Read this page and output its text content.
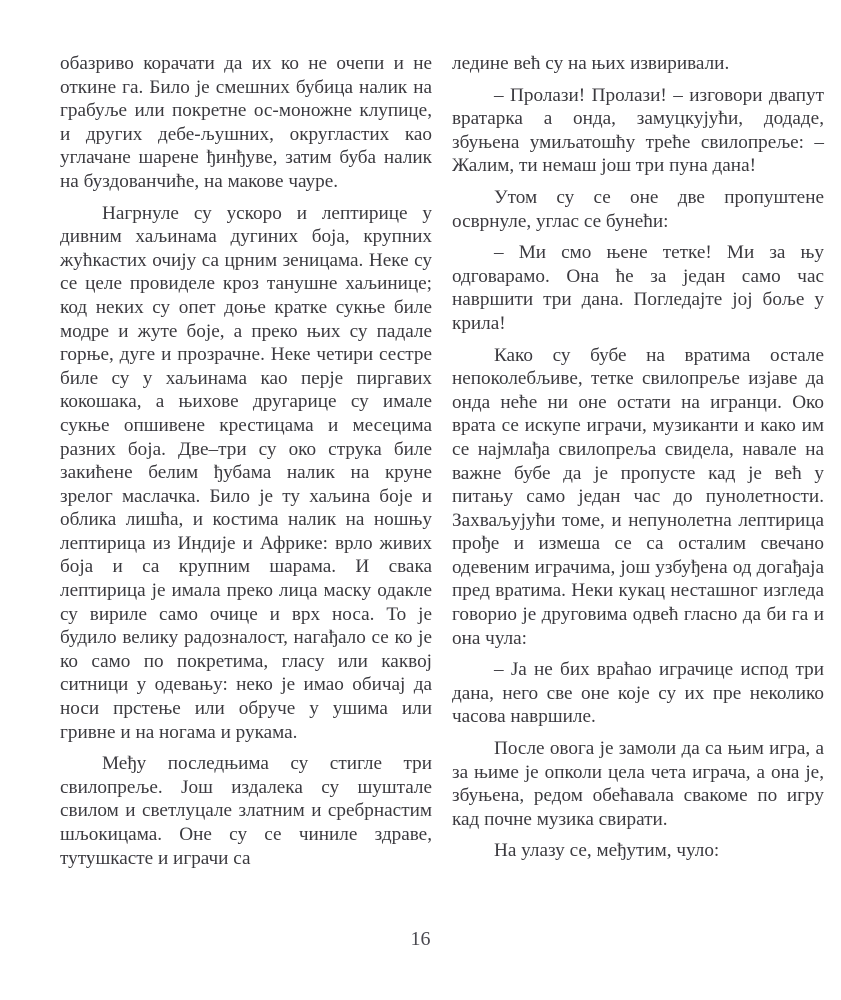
обазриво корачати да их ко не очепи и не откине га. Било је смешних бубица налик на грабуље или покретне ос-моножне клупице, и других дебе-љушних, округластих као углачане шарене ђинђуве, затим буба налик на буздованчиће, на макове чауре.

Нагрнуле су ускоро и лептирице у дивним хаљинама дугиних боја, крупних жућкастих очију са црним зеницама. Неке су се целе провиделе кроз танушне хаљинице; код неких су опет доње кратке сукње биле модре и жуте боје, а преко њих су падале горње, дуге и прозрачне. Неке четири сестре биле су у хаљинама као перје пиргавих кокошака, а њихове другарице су имале сукње опшивене крестицама и месецима разних боја. Две–три су око струка биле закићене белим ђубама налик на круне зрелог маслачка. Било је ту хаљина боје и облика лишћа, и костима налик на ношњу лептирица из Индије и Африке: врло живих боја и са крупним шарама. И свака лептирица је имала преко лица маску одакле су вириле само очице и врх носа. То је будило велику радозналост, нагађало се ко је ко само по покретима, гласу или каквој ситници у одевању: неко је имао обичај да носи прстење или обруче у ушима или гривне и на ногама и рукама.

Међу последњима су стигле три свилопреље. Још издалека су шуштале свилом и светлуцале златним и сребрнастим шљокицама. Оне су се чиниле здраве, тутушкасте и играчи са

ледине већ су на њих извиривали.

– Пролази! Пролази! – изговори двапут вратарка а онда, замуцкујући, додаде, збуњена умиљатошћу треће свилопреље: – Жалим, ти немаш још три пуна дана!

Утом су се оне две пропуштене осврнуле, углас се бунећи:

– Ми смо њене тетке! Ми за њу одговарамо. Она ће за један само час навршити три дана. Погледајте јој боље у крила!

Како су бубе на вратима остале непоколебљиве, тетке свилопреље изјаве да онда неће ни оне остати на игранци. Око врата се искупе играчи, музиканти и како им се најмлађа свилопреља свидела, навале на важне бубе да је пропусте кад је већ у питању само један час до пунолетности. Захваљујући томе, и непунолетна лептирица прође и измеша се са осталим свечано одевеним играчима, још узбуђена од догађаја пред вратима. Неки кукац несташног изгледа говорио је друговима одвећ гласно да би га и она чула:

– Ја не бих враћао играчице испод три дана, него све оне које су их пре неколико часова навршиле.

После овога је замоли да са њим игра, а за њиме је опколи цела чета играча, а она је, збуњена, редом обећавала свакоме по игру кад почне музика свирати.

На улазу се, међутим, чуло:

16
